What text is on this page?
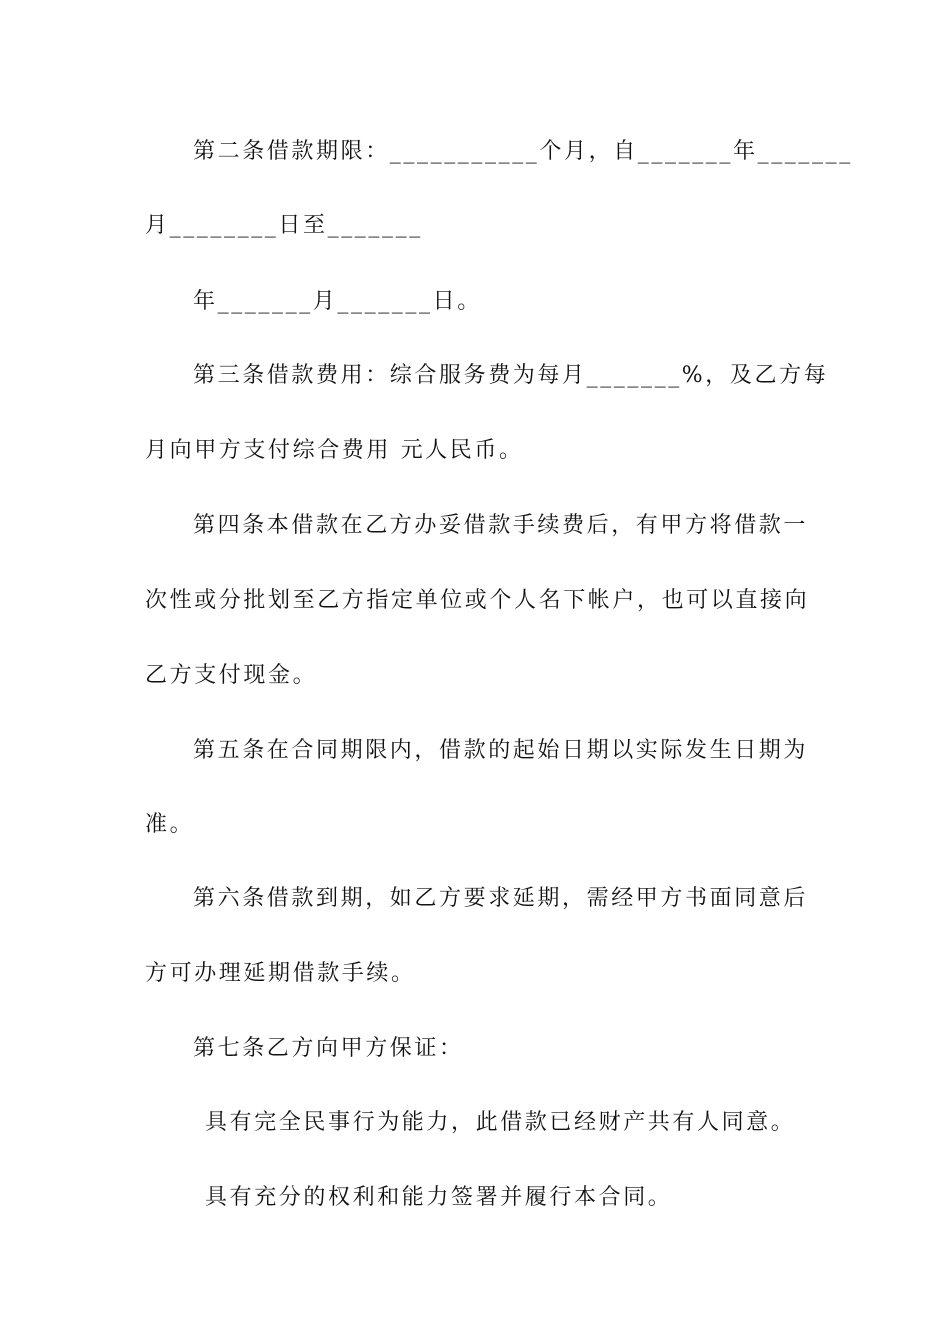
第二条借款期限：___________个月，自_______年_______
月________日至_______
年_______月_______日。
第三条借款费用：综合服务费为每月_______%，及乙方每
月向甲方支付综合费用 元人民币。
第四条本借款在乙方办妥借款手续费后，有甲方将借款一
次性或分批划至乙方指定单位或个人名下帐户，也可以直接向
乙方支付现金。
第五条在合同期限内，借款的起始日期以实际发生日期为
准。
第六条借款到期，如乙方要求延期，需经甲方书面同意后
方可办理延期借款手续。
第七条乙方向甲方保证：
具有完全民事行为能力，此借款已经财产共有人同意。
具有充分的权利和能力签署并履行本合同。
